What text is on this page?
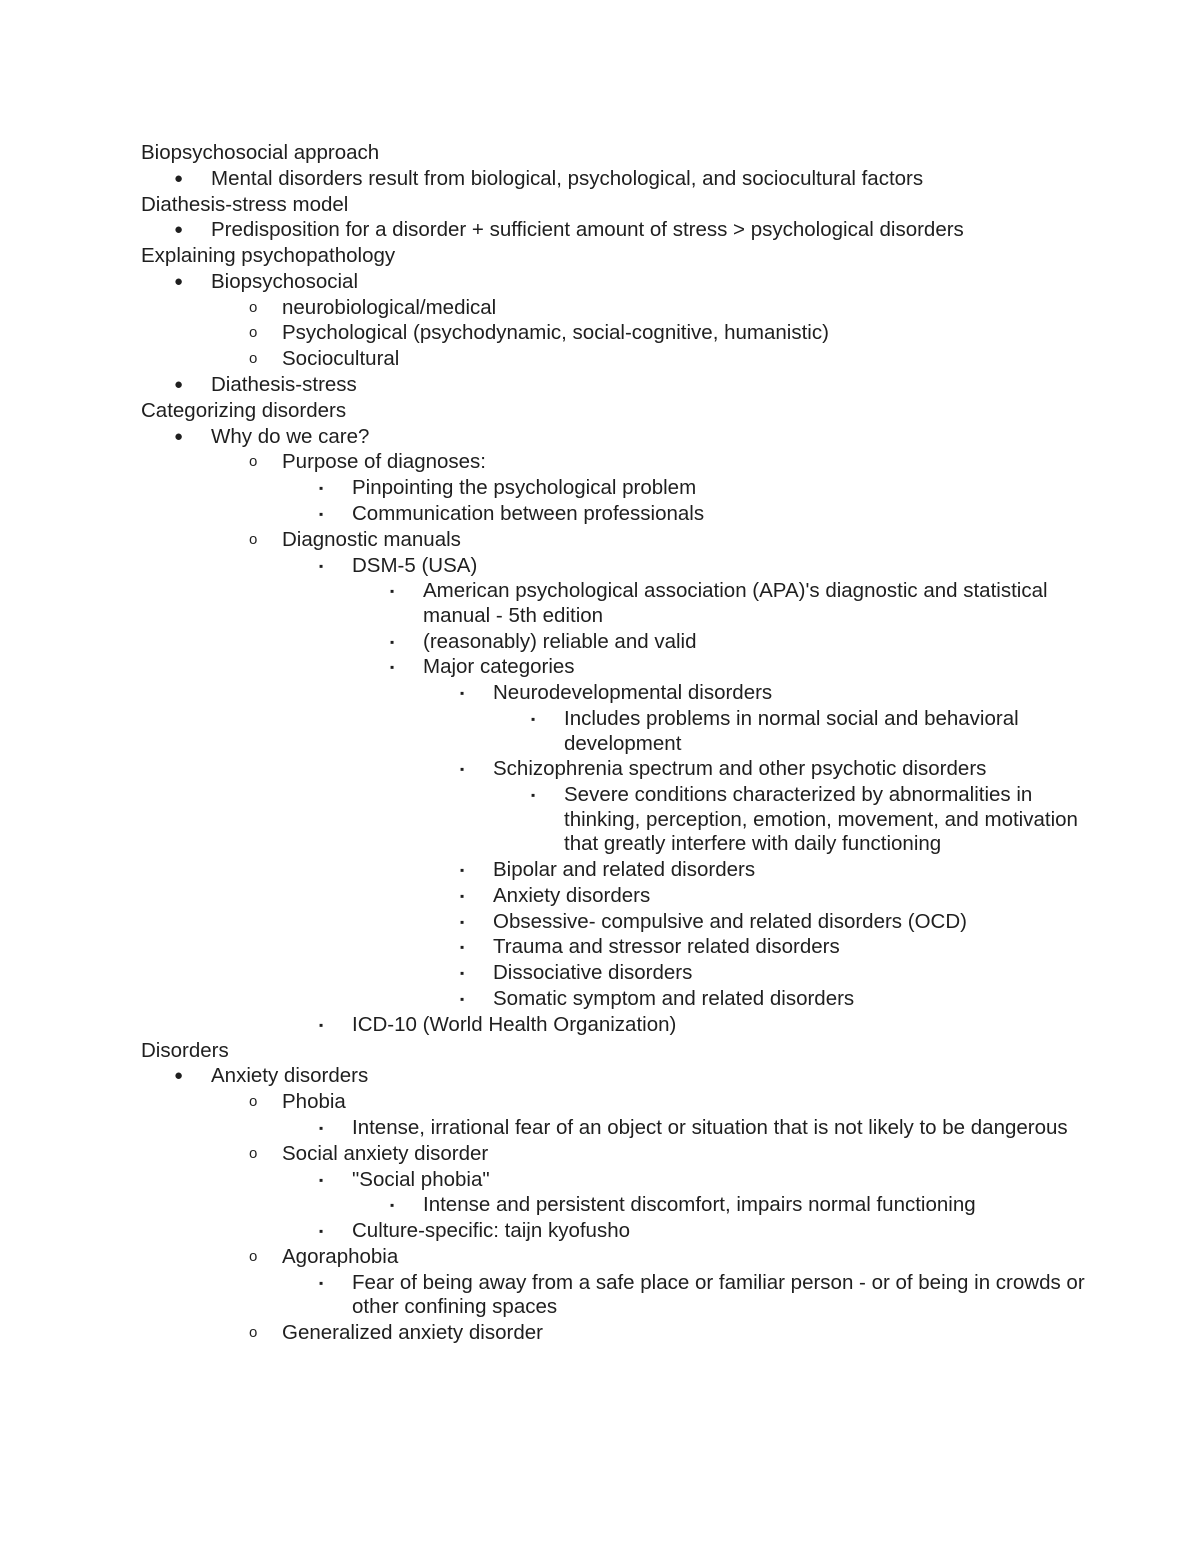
Biopsychosocial approach
● Mental disorders result from biological, psychological, and sociocultural factors
Diathesis-stress model
● Predisposition for a disorder + sufficient amount of stress > psychological disorders
Explaining psychopathology
● Biopsychosocial
o neurobiological/medical
o Psychological (psychodynamic, social-cognitive, humanistic)
o Sociocultural
● Diathesis-stress
Categorizing disorders
● Why do we care?
o Purpose of diagnoses:
▪ Pinpointing the psychological problem
▪ Communication between professionals
o Diagnostic manuals
▪ DSM-5 (USA)
▪ American psychological association (APA)'s diagnostic and statistical manual - 5th edition
▪ (reasonably) reliable and valid
▪ Major categories
▪ Neurodevelopmental disorders
▪ Includes problems in normal social and behavioral development
▪ Schizophrenia spectrum and other psychotic disorders
▪ Severe conditions characterized by abnormalities in thinking, perception, emotion, movement, and motivation that greatly interfere with daily functioning
▪ Bipolar and related disorders
▪ Anxiety disorders
▪ Obsessive- compulsive and related disorders (OCD)
▪ Trauma and stressor related disorders
▪ Dissociative disorders
▪ Somatic symptom and related disorders
▪ ICD-10 (World Health Organization)
Disorders
● Anxiety disorders
o Phobia
▪ Intense, irrational fear of an object or situation that is not likely to be dangerous
o Social anxiety disorder
▪ "Social phobia"
▪ Intense and persistent discomfort, impairs normal functioning
▪ Culture-specific: taijn kyofusho
o Agoraphobia
▪ Fear of being away from a safe place or familiar person - or of being in crowds or other confining spaces
o Generalized anxiety disorder
